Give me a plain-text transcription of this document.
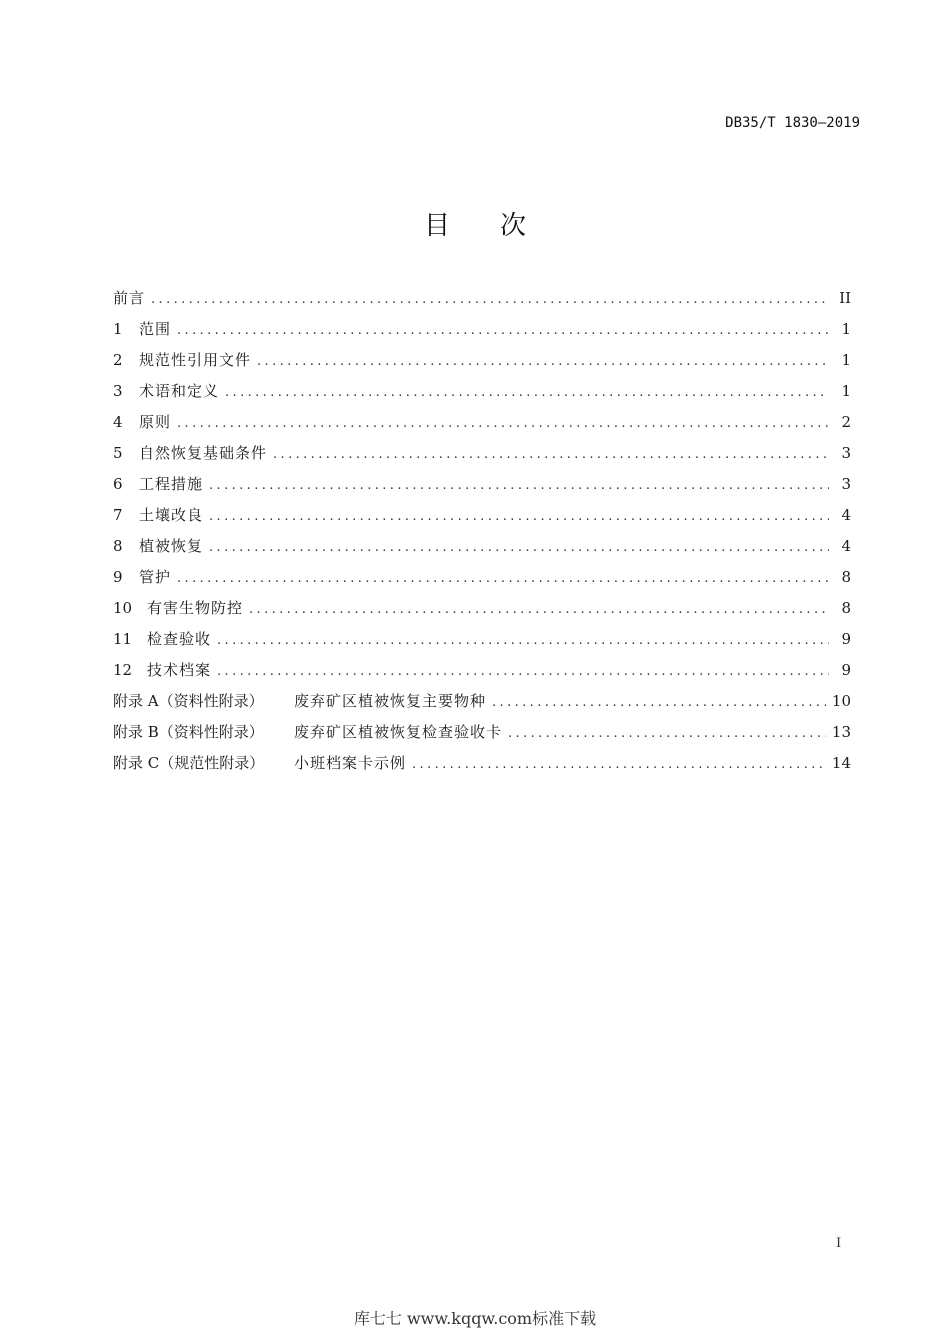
DB35/T 1830—2019
目 次
前言 .....	II
1	范围 .....	1
2	规范性引用文件 .....	1
3	术语和定义 .....	1
4	原则 .....	2
5	自然恢复基础条件 .....	3
6	工程措施 .....	3
7	土壤改良 .....	4
8	植被恢复 .....	4
9	管护 .....	8
10 有害生物防控 .....	8
11 检查验收 .....	9
12 技术档案 .....	9
附录 A（资料性附录）	废弃矿区植被恢复主要物种 .....	10
附录 B（资料性附录）	废弃矿区植被恢复检查验收卡 .....	13
附录 C（规范性附录）	小班档案卡示例 .....	14
I
库七七 www.kqqw.com标准下载
